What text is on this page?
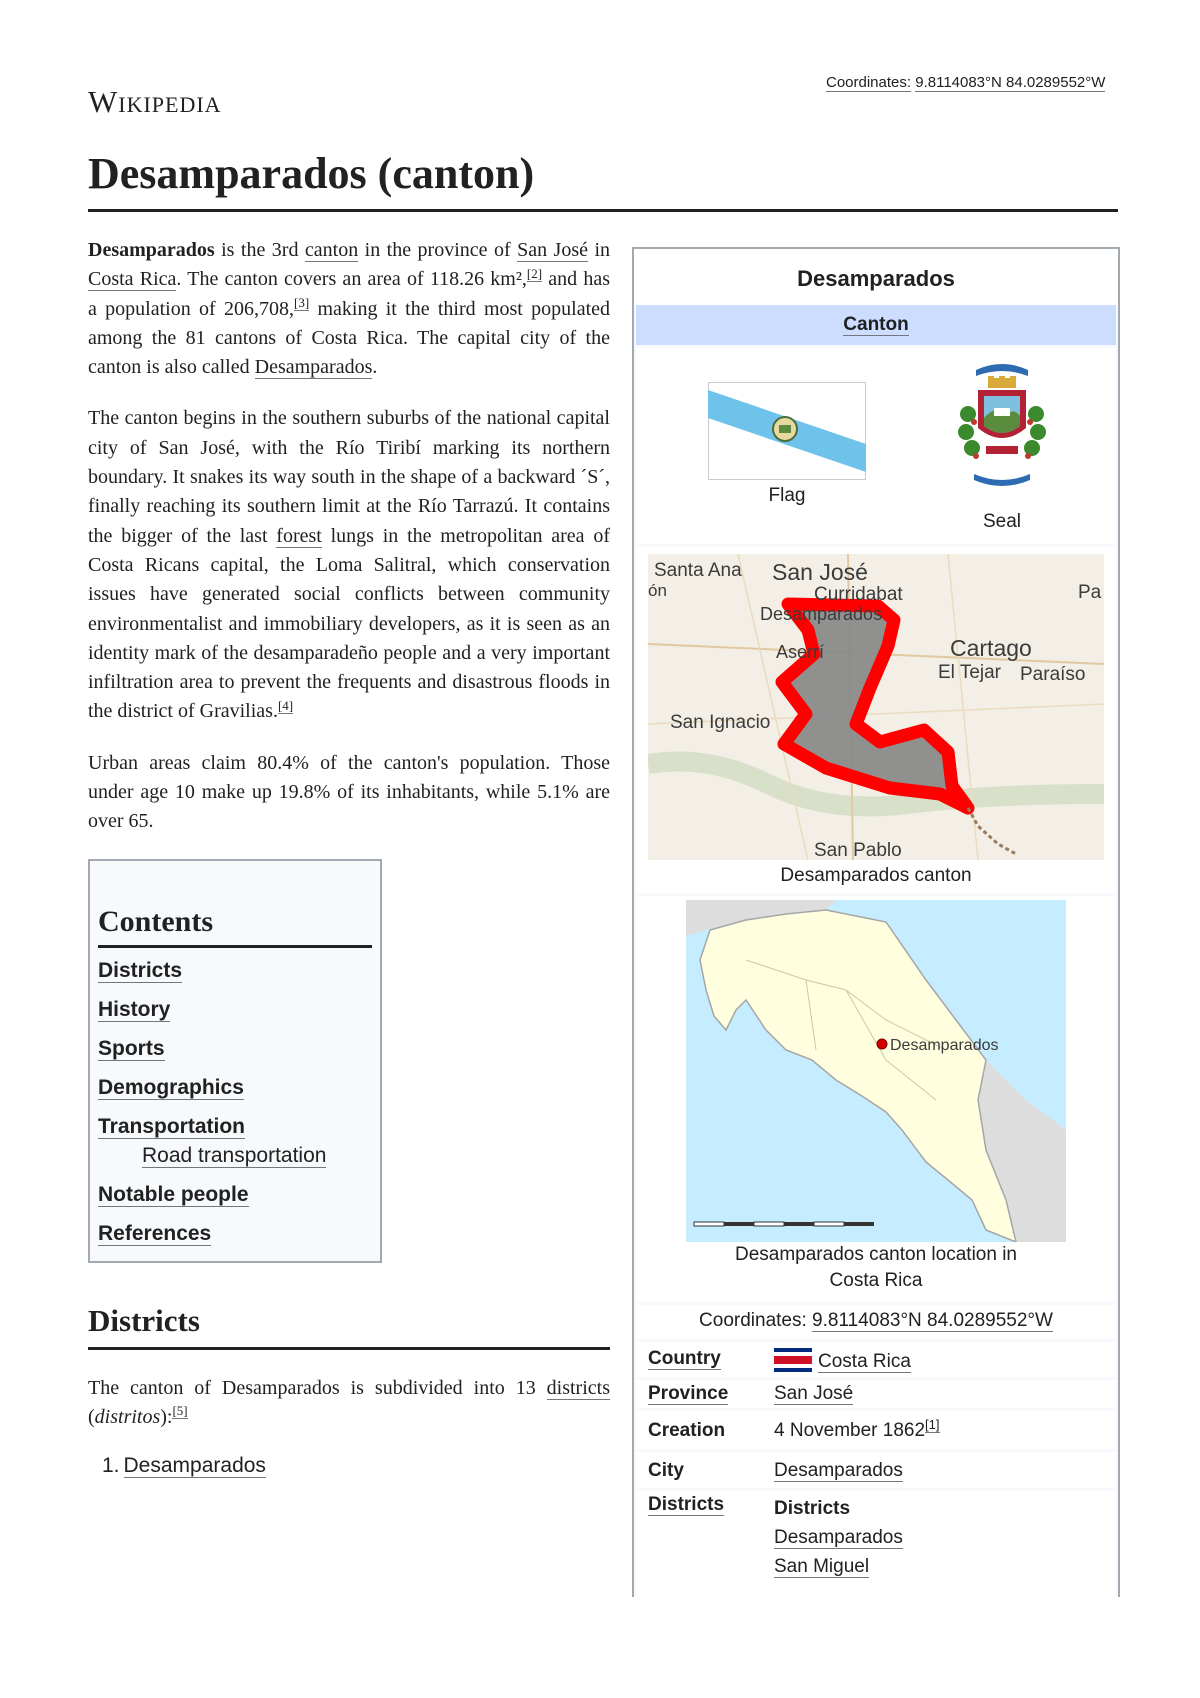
Wikipedia
Coordinates: 9.8114083°N 84.0289552°W
Desamparados (canton)

Desamparados is the 3rd canton in the province of San José in Costa Rica. The canton covers an area of 118.26 km²,[2] and has a population of 206,708,[3] making it the third most populated among the 81 cantons of Costa Rica. The capital city of the canton is also called Desamparados.

The canton begins in the southern suburbs of the national capital city of San José, with the Río Tiribí marking its northern boundary. It snakes its way south in the shape of a backward ´S´, finally reaching its southern limit at the Río Tarrazú. It contains the bigger of the last forest lungs in the metropolitan area of Costa Ricans capital, the Loma Salitral, which conservation issues have generated social conflicts between community environmentalist and immobiliary developers, as it is seen as an identity mark of the desamparadeño people and a very important infiltration area to prevent the frequents and disastrous floods in the district of Gravilias.[4]

Urban areas claim 80.4% of the canton's population. Those under age 10 make up 19.8% of its inhabitants, while 5.1% are over 65.

Contents
Districts
History
Sports
Demographics
Transportation
Road transportation
Notable people
References
Districts

The canton of Desamparados is subdivided into 13 districts (distritos):[5]

1. Desamparados
Desamparados
Canton
Flag
Seal
Santa Ana
ón
San José
Curridabat
Desamparados
Aserrí	Cartago
El Tejar Paraíso
San Ignacio
San Pablo
Pa
Desamparados canton
Desamparados
Desamparados canton location in
Costa Rica
Coordinates: 9.8114083°N 84.0289552°W
Country	Costa Rica
Province San José
Creation	4 November 1862[1]
City	Desamparados
Districts	Districts
Desamparados
San Miguel
